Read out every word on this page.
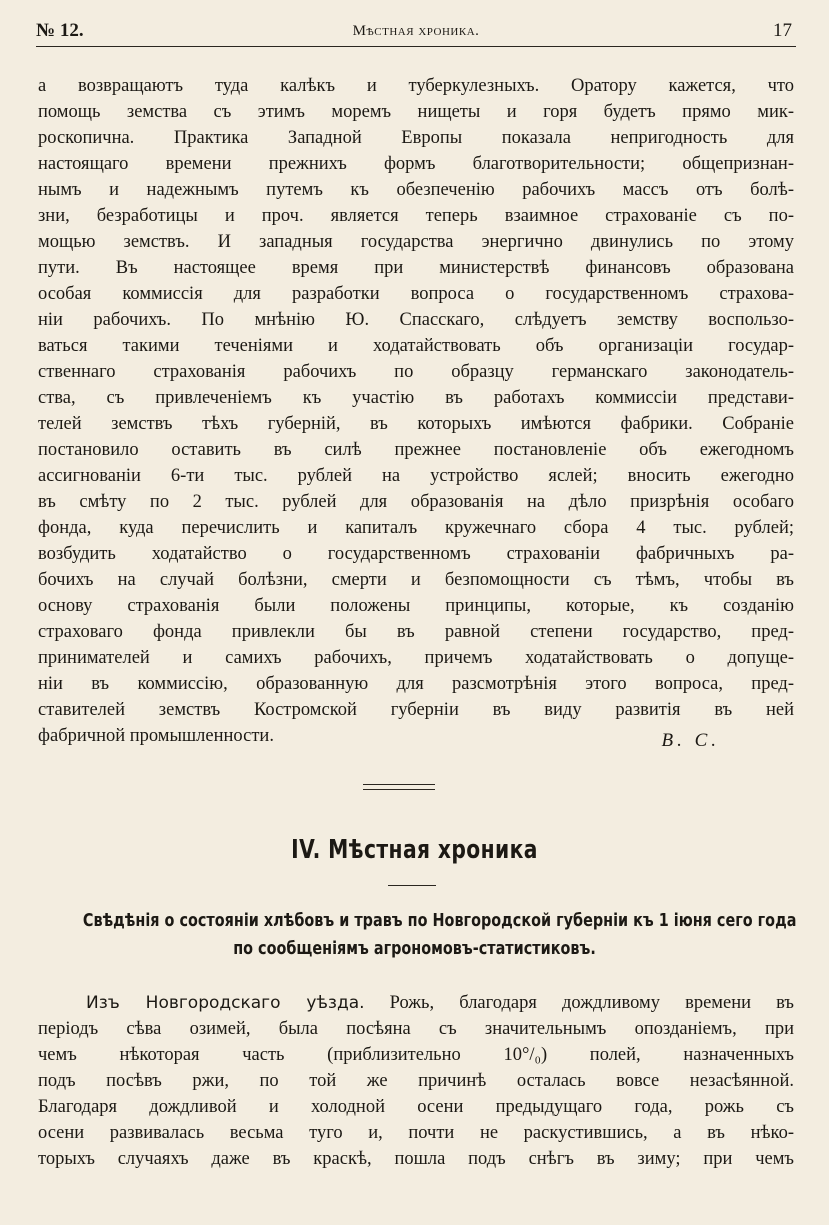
№ 12.	Мѣстная хроника.	17
а возвращаютъ туда калѣкъ и туберкулезныхъ. Оратору кажется, что
помощь земства съ этимъ моремъ нищеты и горя будетъ прямо мик-
роскопична. Практика Западной Европы показала непригодность для
настоящаго времени прежнихъ формъ благотворительности; общепризнан-
нымъ и надежнымъ путемъ къ обезпеченію рабочихъ массъ отъ болѣ-
зни, безработицы и проч. является теперь взаимное страхованіе съ по-
мощью земствъ. И западныя государства энергично двинулись по этому
пути. Въ настоящее время при министерствѣ финансовъ образована
особая коммиссія для разработки вопроса о государственномъ страхова-
ніи рабочихъ. По мнѣнію Ю. Спасскаго, слѣдуетъ земству воспользо-
ваться такими теченіями и ходатайствовать объ организаціи государ-
ственнаго страхованія рабочихъ по образцу германскаго законодатель-
ства, съ привлеченіемъ къ участію въ работахъ коммиссіи представи-
телей земствъ тѣхъ губерній, въ которыхъ имѣются фабрики. Собраніе
постановило оставить въ силѣ прежнее постановленіе объ ежегодномъ
ассигнованіи 6-ти тыс. рублей на устройство яслей; вносить ежегодно
въ смѣту по 2 тыс. рублей для образованія на дѣло призрѣнія особаго
фонда, куда перечислить и капиталъ кружечнаго сбора 4 тыс. рублей;
возбудить ходатайство о государственномъ страхованіи фабричныхъ ра-
бочихъ на случай болѣзни, смерти и безпомощности съ тѣмъ, чтобы въ
основу страхованія были положены принципы, которые, къ созданію
страховаго фонда привлекли бы въ равной степени государство, пред-
принимателей и самихъ рабочихъ, причемъ ходатайствовать о допуще-
ніи въ коммиссію, образованную для разсмотрѣнія этого вопроса, пред-
ставителей земствъ Костромской губерніи въ виду развитія въ ней
фабричной промышленности.	В. С.
IV. Мѣстная хроника
Свѣдѣнія о состояніи хлѣбовъ и травъ по Новгородской губерніи къ 1 іюня сего года
по сообщеніямъ агрономовъ-статистиковъ.
Изъ Новгородскаго уѣзда. Рожь, благодаря дождливому времени въ
періодъ сѣва озимей, была посѣяна съ значительнымъ опозданіемъ, при
чемъ нѣкоторая часть (приблизительно 10°/₀) полей, назначенныхъ
подъ посѣвъ ржи, по той же причинѣ осталась вовсе незасѣянной.
Благодаря дождливой и холодной осени предыдущаго года, рожь съ
осени развивалась весьма туго и, почти не раскустившись, а въ нѣко-
торыхъ случаяхъ даже въ краскѣ, пошла подъ снѣгъ въ зиму; при чемъ
